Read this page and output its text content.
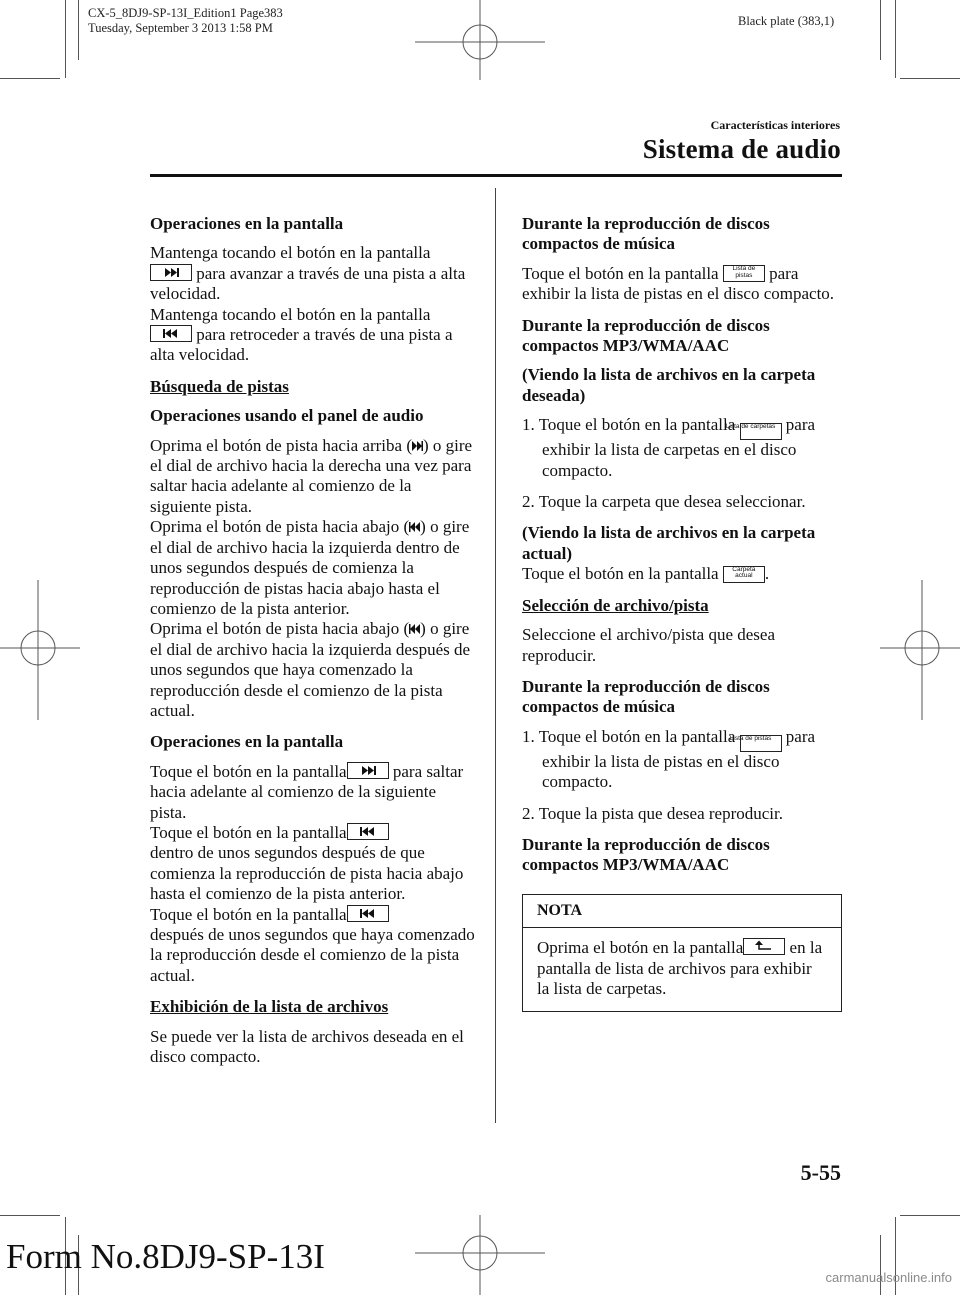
CX-5_8DJ9-SP-13I_Edition1 Page383
Tuesday, September 3 2013 1:58 PM	Black plate (383,1)
Características interiores
Sistema de audio

Operaciones en la pantalla

Mantenga tocando el botón en la pantalla

para avanzar a través de una pista a alta velocidad.
Mantenga tocando el botón en la pantalla

para retroceder a través de una pista a alta velocidad.

Búsqueda de pistas

Operaciones usando el panel de audio

Oprima el botón de pista hacia arriba ( ) o gire el dial de archivo hacia la derecha una vez para saltar hacia adelante al comienzo de la siguiente pista.
Oprima el botón de pista hacia abajo ( ) o gire el dial de archivo hacia la izquierda dentro de unos segundos después de comienza la reproducción de pistas hacia abajo hasta el comienzo de la pista anterior.
Oprima el botón de pista hacia abajo ( ) o gire el dial de archivo hacia la izquierda después de unos segundos que haya comenzado la reproducción desde el comienzo de la pista actual.

Operaciones en la pantalla

Toque el botón en la pantalla
para saltar hacia adelante al comienzo de la siguiente pista.
Toque el botón en la pantalla

dentro de unos segundos después de que comienza la reproducción de pista hacia abajo hasta el comienzo de la pista anterior.
Toque el botón en la pantalla

después de unos segundos que haya comenzado la reproducción desde el comienzo de la pista actual.

Exhibición de la lista de archivos

Se puede ver la lista de archivos deseada en el disco compacto.

Durante la reproducción de discos compactos de música

Toque el botón en la pantalla Lista de pistas para exhibir la lista de pistas en el disco compacto.

Durante la reproducción de discos compactos MP3/WMA/AAC

(Viendo la lista de archivos en la carpeta deseada)

1. Toque el botón en la pantalla Lista de carpetas para exhibir la lista de carpetas en el disco compacto.

2. Toque la carpeta que desea seleccionar.

(Viendo la lista de archivos en la carpeta actual)

Toque el botón en la pantalla Carpeta actual .

Selección de archivo/pista

Seleccione el archivo/pista que desea reproducir.

Durante la reproducción de discos compactos de música

1. Toque el botón en la pantalla Lista de pistas para exhibir la lista de pistas en el disco compacto.

2. Toque la pista que desea reproducir.

Durante la reproducción de discos compactos MP3/WMA/AAC

NOTA
Oprima el botón en la pantalla
en la pantalla de lista de archivos para exhibir la lista de carpetas.
5-55
Form No.8DJ9-SP-13I
carmanualsonline.info
